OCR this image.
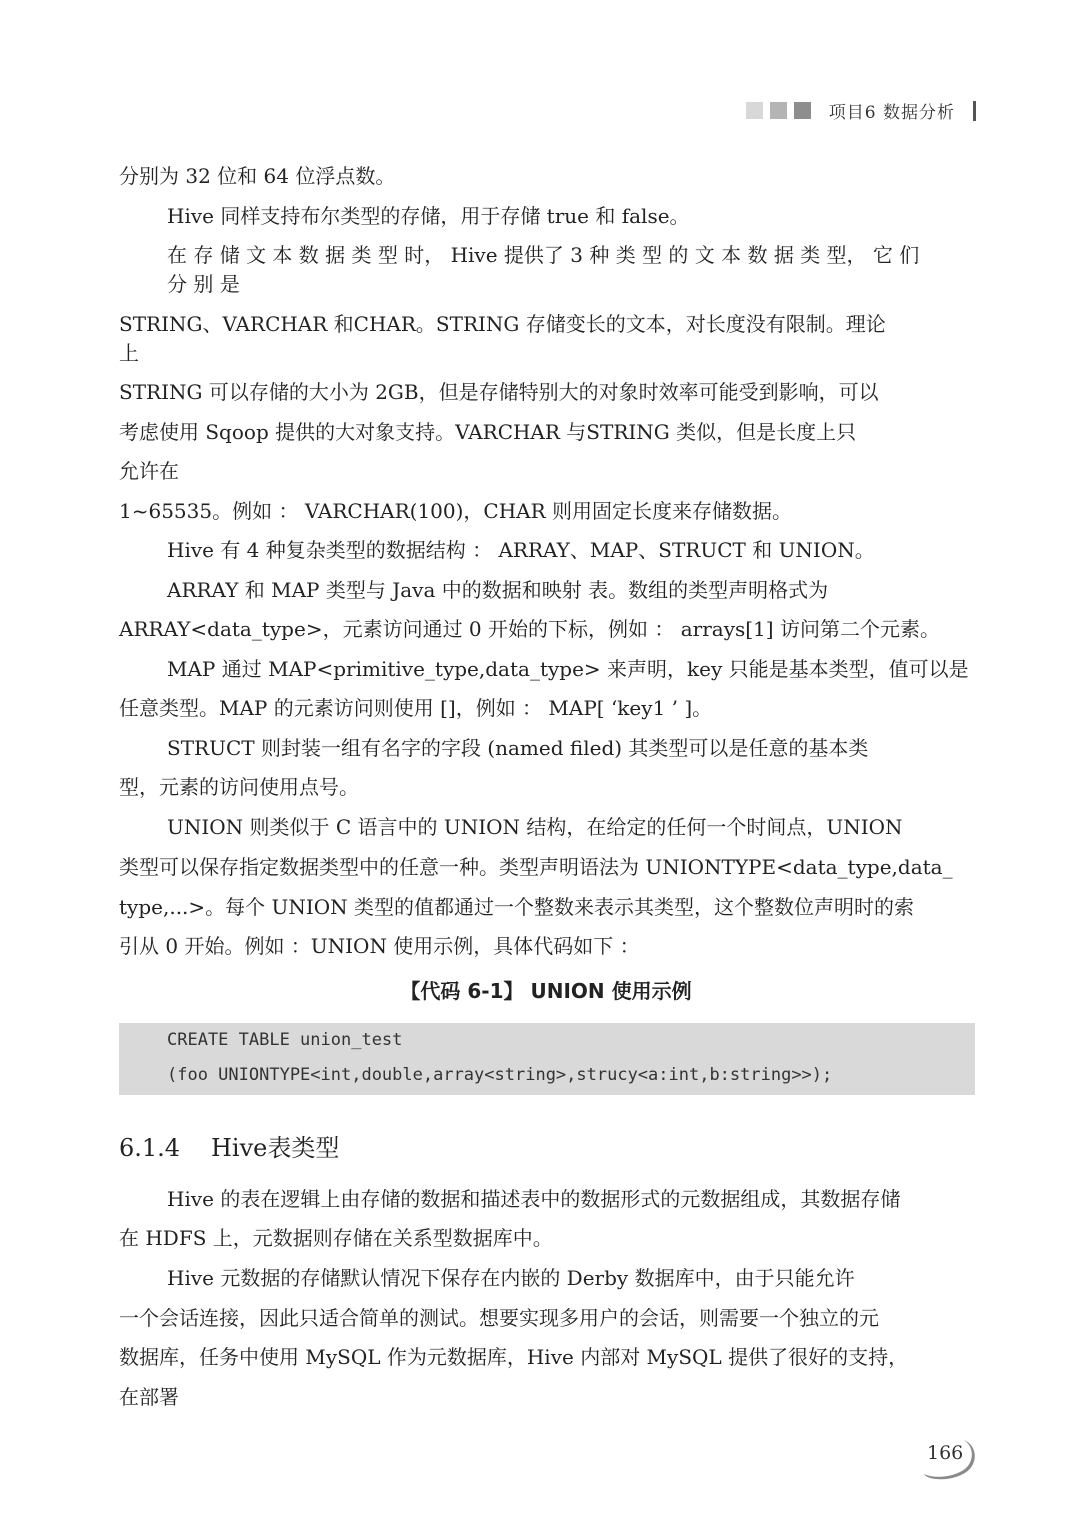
项目6 数据分析
分别为 32 位和 64 位浮点数。
Hive 同样支持布尔类型的存储，用于存储 true 和 false。
在 存 储 文 本 数 据 类 型 时， Hive 提供了 3 种 类 型 的 文 本 数 据 类 型， 它 们
分 别 是
STRING、VARCHAR 和CHAR。STRING 存储变长的文本，对长度没有限制。理论
上
STRING 可以存储的大小为 2GB，但是存储特别大的对象时效率可能受到影响，可以
考虑使用 Sqoop 提供的大对象支持。VARCHAR 与STRING 类似，但是长度上只
允许在
1~65535。例如 ： VARCHAR(100)，CHAR 则用固定长度来存储数据。
Hive 有 4 种复杂类型的数据结构 ： ARRAY、MAP、STRUCT 和 UNION。
ARRAY 和 MAP 类型与 Java 中的数据和映射 表。数组的类型声明格式为
ARRAY<data_type>，元素访问通过 0 开始的下标，例如 ： arrays[1] 访问第二个元素。
MAP 通过 MAP<primitive_type,data_type> 来声明，key 只能是基本类型，值可以是
任意类型。MAP 的元素访问则使用 []，例如 ： MAP[ ‘key1 ’ ]。
STRUCT 则封装一组有名字的字段 (named filed) 其类型可以是任意的基本类
型，元素的访问使用点号。
UNION 则类似于 C 语言中的 UNION 结构，在给定的任何一个时间点，UNION
类型可以保存指定数据类型中的任意一种。类型声明语法为 UNIONTYPE<data_type,data_
type,...>。每个 UNION 类型的值都通过一个整数来表示其类型，这个整数位声明时的索
引从 0 开始。例如 ：UNION 使用示例，具体代码如下 ：
【代码 6-1】 UNION 使用示例
CREATE TABLE union_test
(foo UNIONTYPE<int,double,array<string>,strucy<a:int,b:string>>);
6.1.4 Hive表类型
Hive 的表在逻辑上由存储的数据和描述表中的数据形式的元数据组成，其数据存储
在 HDFS 上，元数据则存储在关系型数据库中。
Hive 元数据的存储默认情况下保存在内嵌的 Derby 数据库中，由于只能允许
一个会话连接，因此只适合简单的测试。想要实现多用户的会话，则需要一个独立的元
数据库，任务中使用 MySQL 作为元数据库，Hive 内部对 MySQL 提供了很好的支持，
在部署
166
